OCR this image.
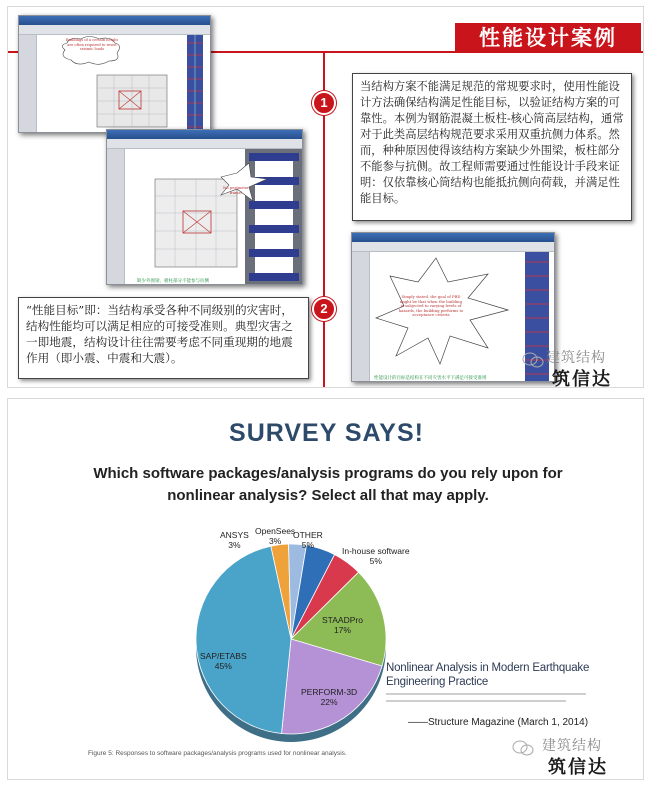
性能设计案例
Buildings of a certain height are often required to resist seismic loads
缺少外围梁，板柱部分不能参与抗侧
No perimeter frame!
性能设计的目标是结构在不同灾害水平下满足可接受准则
Simply stated, the goal of PBD might be that when the building is subjected to varying levels of hazards, the building performs to acceptance criteria
当结构方案不能满足规范的常规要求时，使用性能设计方法确保结构满足性能目标，以验证结构方案的可靠性。本例为钢筋混凝土板柱-核心筒高层结构，通常对于此类高层结构规范要求采用双重抗侧力体系。然而，种种原因使得该结构方案缺少外围梁，板柱部分不能参与抗侧。故工程师需要通过性能设计手段来证明：仅依靠核心筒结构也能抵抗侧向荷载，并满足性能目标。
“性能目标”即：当结构承受各种不同级别的灾害时，结构性能均可以满足相应的可接受准则。典型灾害之一即地震，结构设计往往需要考虑不同重现期的地震作用（即小震、中震和大震）。
1
2
建筑结构
筑信达
SURVEY SAYS!
Which software packages/analysis programs do you rely upon for nonlinear analysis? Select all that may apply.
ANSYS
3%
OpenSees
3%
OTHER
5%
In-house software
5%
STAADPro
17%
PERFORM-3D
22%
SAP/ETABS
45%	Nonlinear Analysis in Modern Earthquake Engineering Practice
——Structure Magazine (March 1, 2014)
Figure 5: Responses to software packages/analysis programs used for nonlinear analysis.	建筑结构
筑信达
